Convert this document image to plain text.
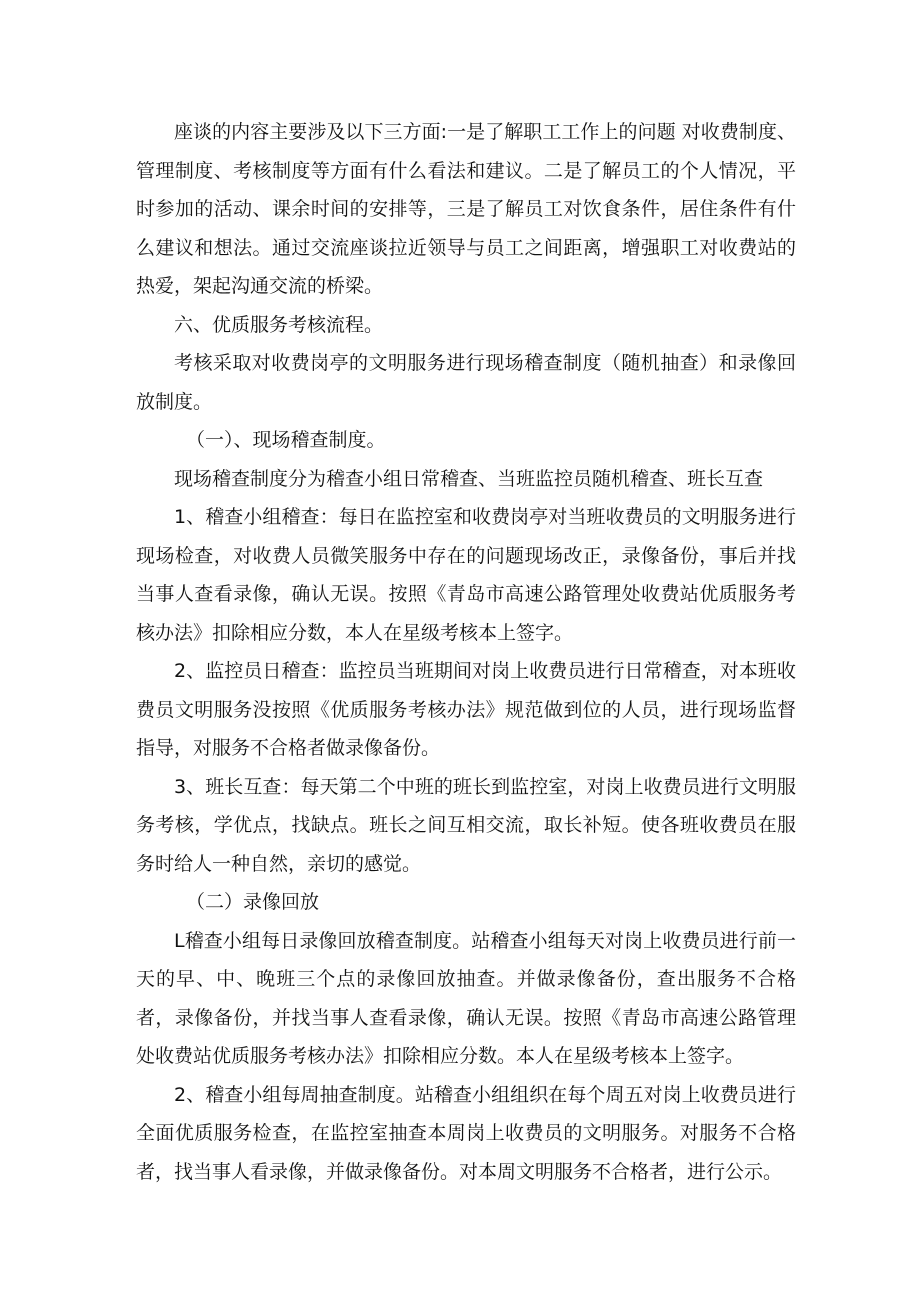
座谈的内容主要涉及以下三方面:一是了解职工工作上的问题 对收费制度、管理制度、考核制度等方面有什么看法和建议。二是了解员工的个人情况，平时参加的活动、课余时间的安排等，三是了解员工对饮食条件，居住条件有什么建议和想法。通过交流座谈拉近领导与员工之间距离，增强职工对收费站的热爱，架起沟通交流的桥梁。

六、优质服务考核流程。

考核采取对收费岗亭的文明服务进行现场稽查制度（随机抽查）和录像回放制度。

（一）、现场稽查制度。

现场稽查制度分为稽查小组日常稽查、当班监控员随机稽查、班长互查

1、稽查小组稽查：每日在监控室和收费岗亭对当班收费员的文明服务进行现场检查，对收费人员微笑服务中存在的问题现场改正，录像备份，事后并找当事人查看录像，确认无误。按照《青岛市高速公路管理处收费站优质服务考核办法》扣除相应分数，本人在星级考核本上签字。

2、监控员日稽查：监控员当班期间对岗上收费员进行日常稽查，对本班收费员文明服务没按照《优质服务考核办法》规范做到位的人员，进行现场监督指导，对服务不合格者做录像备份。

3、班长互查：每天第二个中班的班长到监控室，对岗上收费员进行文明服务考核，学优点，找缺点。班长之间互相交流，取长补短。使各班收费员在服务时给人一种自然，亲切的感觉。

（二）录像回放

L稽查小组每日录像回放稽查制度。站稽查小组每天对岗上收费员进行前一天的早、中、晚班三个点的录像回放抽查。并做录像备份，查出服务不合格者，录像备份，并找当事人查看录像，确认无误。按照《青岛市高速公路管理处收费站优质服务考核办法》扣除相应分数。本人在星级考核本上签字。

2、稽查小组每周抽查制度。站稽查小组组织在每个周五对岗上收费员进行全面优质服务检查，在监控室抽查本周岗上收费员的文明服务。对服务不合格者，找当事人看录像，并做录像备份。对本周文明服务不合格者，进行公示。
